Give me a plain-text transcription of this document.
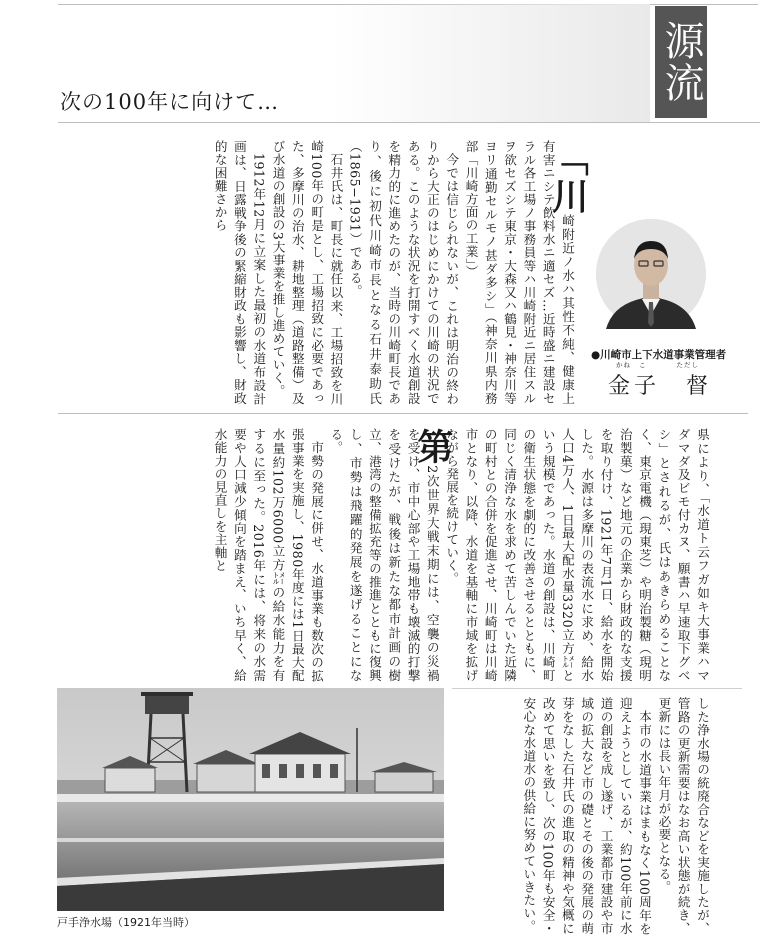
源流
次の100年に向けて…

「川崎附近ノ水ハ其性不純、健康上有害ニシテ飲料水ニ適セズ…近時盛ニ建設セラル各工場ノ事務員等ハ川崎附近ニ居住スルヲ欲セズシテ東京・大森又ハ鶴見・神奈川等ヨリ通勤セルモノ甚ダ多シ」（神奈川県内務部「川崎方面の工業」）

今では信じられないが、これは明治の終わりから大正のはじめにかけての川崎の状況である。このような状況を打開すべく水道創設を精力的に進めたのが、当時の川崎町長であり、後に初代川崎市長となる石井泰助氏（1865−1931）である。

石井氏は、町長に就任以来、工場招致を川崎100年の町是とし、工場招致に必要であった、多摩川の治水、耕地整理（道路整備）及び水道の創設の3大事業を推し進めていく。

1912年12月に立案した最初の水道布設計画は、日露戦争後の緊縮財政も影響し、財政的な困難さから

●川崎市上下水道事業管理者
かね こ	ただし
金子　督

県により、「水道ト云フガ如キ大事業ハマダマダ及ビモ付カヌ、願書ハ早速取下グベシ」とされるが、氏はあきらめることなく、東京電機（現東芝）や明治製糖（現明治製菓）など地元の企業から財政的な支援を取り付け、1921年7月1日、給水を開始した。水源は多摩川の表流水に求め、給水人口4万人、1日最大配水量3320立方㍍という規模であった。水道の創設は、川崎町の衛生状態を劇的に改善させるとともに、同じく清浄な水を求めて苦しんでいた近隣の町村との合併を促進させ、川崎町は川崎市となり、以降、水道を基軸に市域を拡げながら発展を続けていく。

第2次世界大戦末期には、空襲の災禍を受け、市中心部や工場地帯も壊滅的打撃を受けたが、戦後は新たな都市計画の樹立、港湾の整備拡充等の推進とともに復興し、市勢は飛躍的発展を遂げることになる。

市勢の発展に併せ、水道事業も数次の拡張事業を実施し、1980年度には1日最大配水量約102万6000立方㍍の給水能力を有するに至った。2016年には、将来の水需要や人口減少傾向を踏まえ、いち早く、給水能力の見直しを主軸と

戸手浄水場（1921年当時）	した浄水場の統廃合などを実施したが、管路の更新需要はなお高い状態が続き、更新には長い年月が必要となる。

本市の水道事業はまもなく100周年を迎えようとしているが、約100年前に水道の創設を成し遂げ、工業都市建設や市域の拡大など市の礎とその後の発展の萌芽をなした石井氏の進取の精神や気概に改めて思いを致し、次の100年も安全・安心な水道水の供給に努めていきたい。
